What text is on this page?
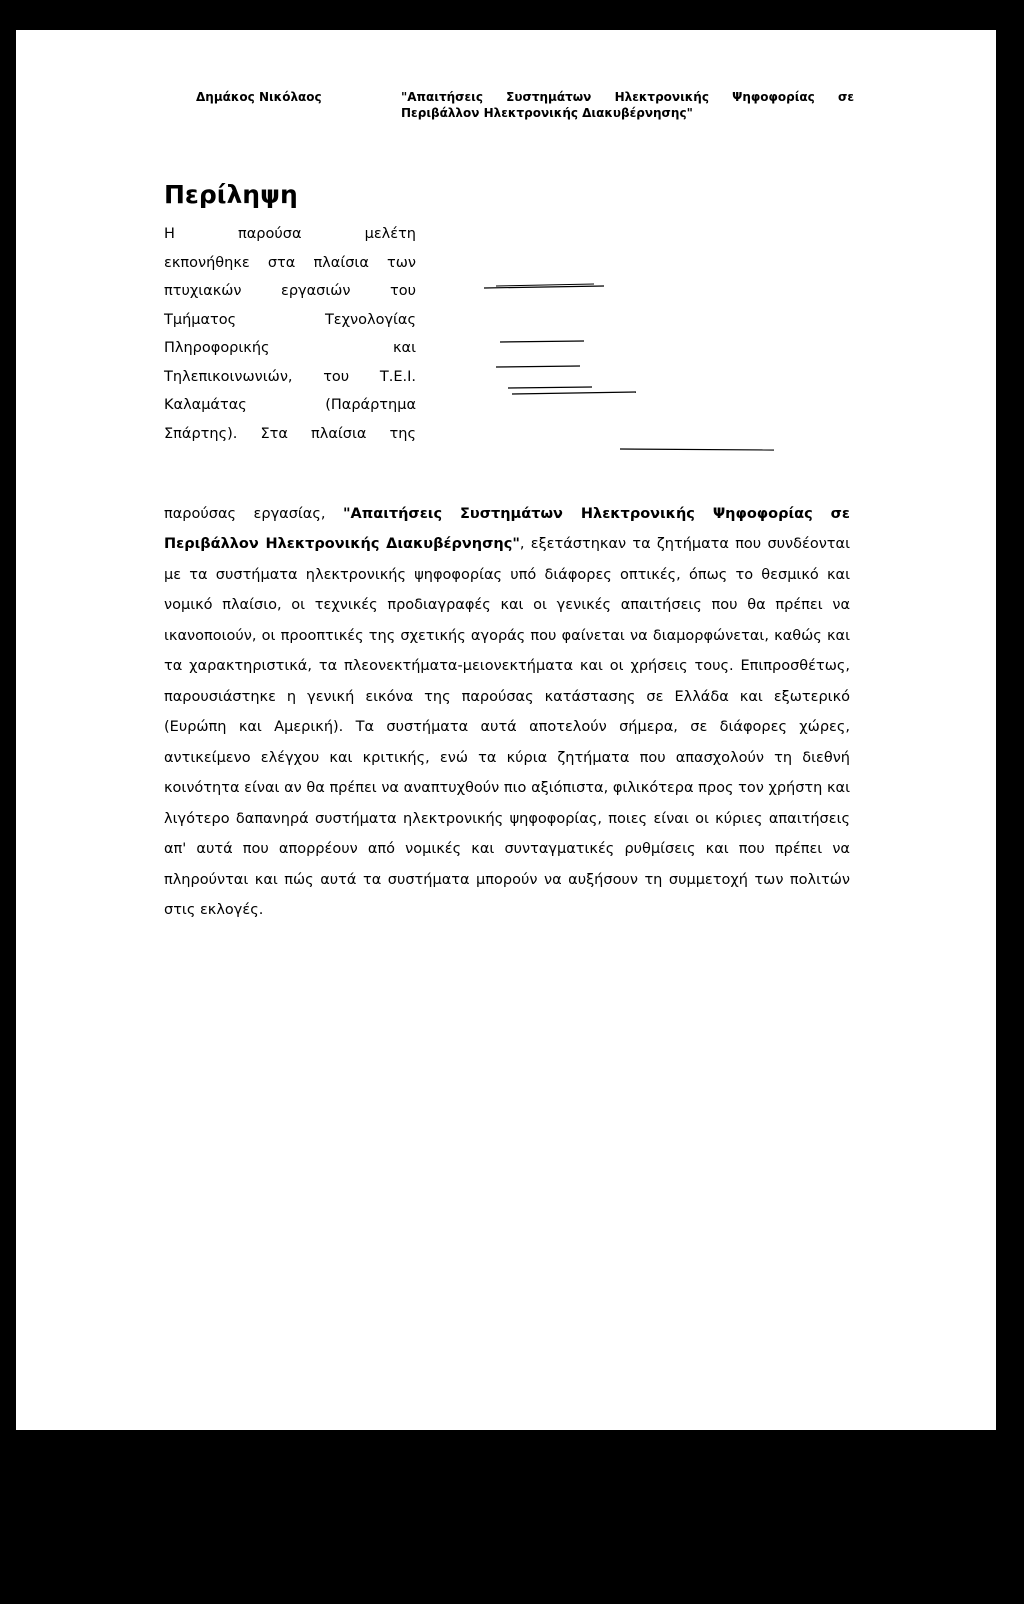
Δημάκος Νικόλαος	"Απαιτήσεις Συστημάτων Ηλεκτρονικής Ψηφοφορίας σε
Περιβάλλον Ηλεκτρονικής Διακυβέρνησης"
Περίληψη
Η παρούσα μελέτη
εκπονήθηκε στα πλαίσια των
πτυχιακών εργασιών του
Τμήματος Τεχνολογίας
Πληροφορικής και
Τηλεπικοινωνιών, του Τ.Ε.Ι.
Καλαμάτας (Παράρτημα
Σπάρτης). Στα πλαίσια της

παρούσας εργασίας, "Απαιτήσεις Συστημάτων Ηλεκτρονικής Ψηφοφορίας σε Περιβάλλον Ηλεκτρονικής Διακυβέρνησης", εξετάστηκαν τα ζητήματα που συνδέονται με τα συστήματα ηλεκτρονικής ψηφοφορίας υπό διάφορες οπτικές, όπως το θεσμικό και νομικό πλαίσιο, οι τεχνικές προδιαγραφές και οι γενικές απαιτήσεις που θα πρέπει να ικανοποιούν, οι προοπτικές της σχετικής αγοράς που φαίνεται να διαμορφώνεται, καθώς και τα χαρακτηριστικά, τα πλεονεκτήματα-μειονεκτήματα και οι χρήσεις τους. Επιπροσθέτως, παρουσιάστηκε η γενική εικόνα της παρούσας κατάστασης σε Ελλάδα και εξωτερικό (Ευρώπη και Αμερική). Τα συστήματα αυτά αποτελούν σήμερα, σε διάφορες χώρες, αντικείμενο ελέγχου και κριτικής, ενώ τα κύρια ζητήματα που απασχολούν τη διεθνή κοινότητα είναι αν θα πρέπει να αναπτυχθούν πιο αξιόπιστα, φιλικότερα προς τον χρήστη και λιγότερο δαπανηρά συστήματα ηλεκτρονικής ψηφοφορίας, ποιες είναι οι κύριες απαιτήσεις απ' αυτά που απορρέουν από νομικές και συνταγματικές ρυθμίσεις και που πρέπει να πληρούνται και πώς αυτά τα συστήματα μπορούν να αυξήσουν τη συμμετοχή των πολιτών στις εκλογές.

5
